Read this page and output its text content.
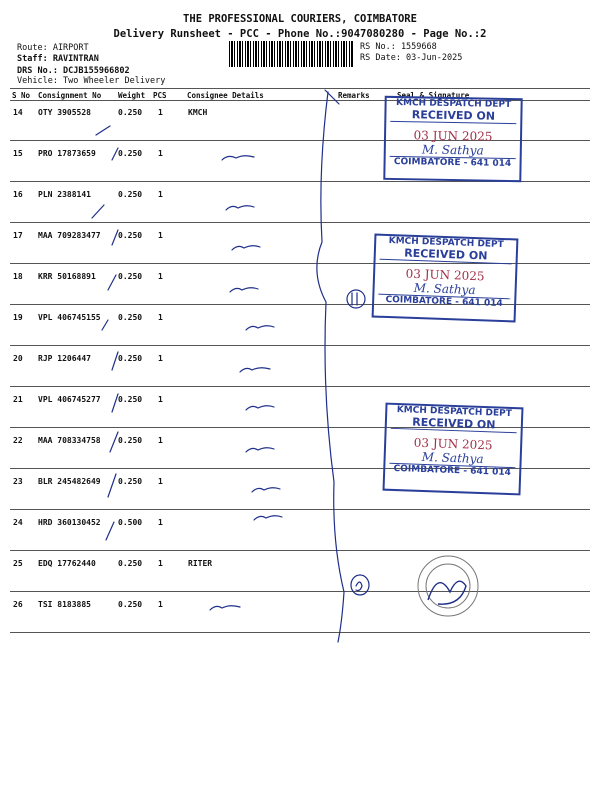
THE PROFESSIONAL COURIERS, COIMBATORE
Delivery Runsheet - PCC - Phone No.:9047080280 - Page No.:2
Route: AIRPORT
Staff: RAVINTRAN
DRS No.: DCJB155966802
Vehicle: Two Wheeler Delivery
RS No.: 1559668
RS Date: 03-Jun-2025
S No Consignment No Weight PCS	Consignee Details	Remarks	Seal & Signature
14 OTY 3905528	0.250 1	KMCH
15 PRO 17873659	0.250 1
16 PLN 2388141	0.250 1
17 MAA 709283477 0.250 1
18 KRR 50168891	0.250 1
19 VPL 406745155 0.250 1
20 RJP 1206447	0.250 1
21 VPL 406745277 0.250 1
22 MAA 708334758 0.250 1
23 BLR 245482649 0.250 1
24 HRD 360130452 0.500 1
25 EDQ 17762440	0.250 1	RITER
26 TSI 8183885	0.250 1
KMCH DESPATCH DEPT
RECEIVED ON
03 JUN 2025
M. Sathya
COIMBATORE - 641 014
KMCH DESPATCH DEPT
RECEIVED ON
03 JUN 2025
M. Sathya
COIMBATORE - 641 014
KMCH DESPATCH DEPT
RECEIVED ON
03 JUN 2025
M. Sathya
COIMBATORE - 641 014
